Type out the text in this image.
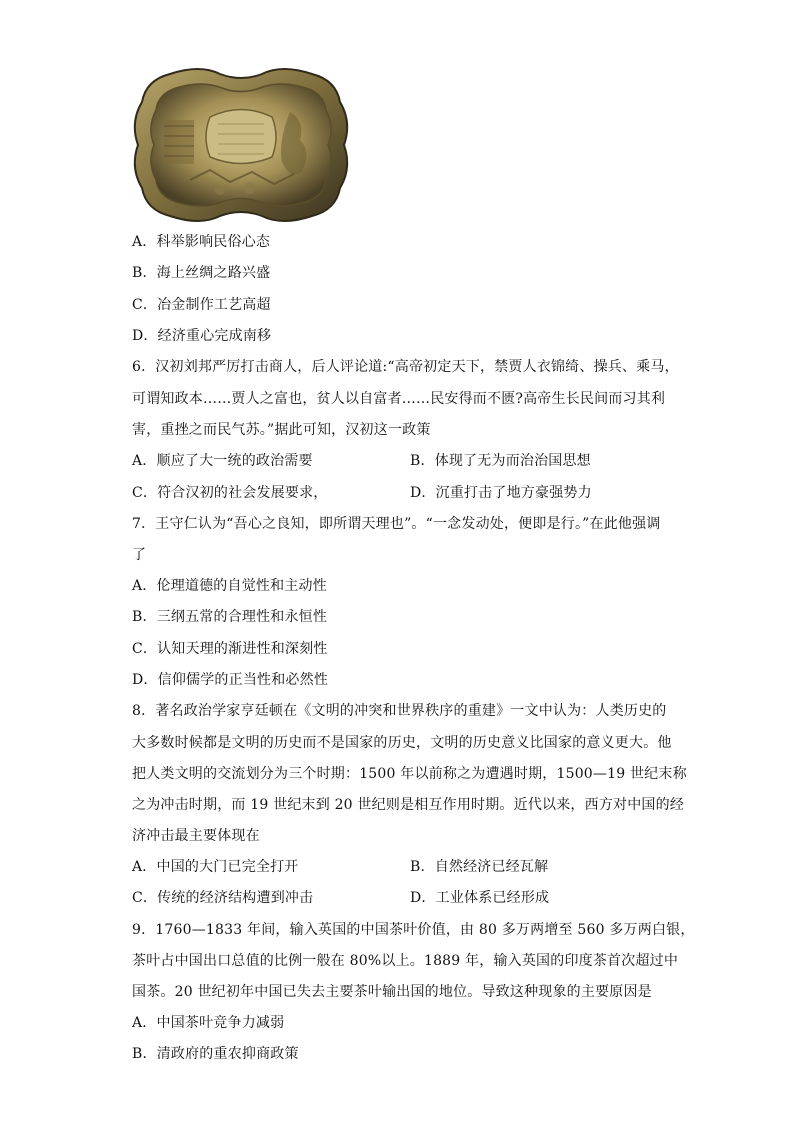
A．科举影响民俗心态
B．海上丝绸之路兴盛
C．冶金制作工艺高超
D．经济重心完成南移
6．汉初刘邦严厉打击商人，后人评论道:“高帝初定天下，禁贾人衣锦绮、操兵、乘马，
可谓知政本……贾人之富也，贫人以自富者……民安得而不匮?高帝生长民间而习其利
害，重挫之而民气苏。”据此可知，汉初这一政策
A．顺应了大一统的政治需要	B．体现了无为而治治国思想
C．符合汉初的社会发展要求，	D．沉重打击了地方豪强势力
7．王守仁认为“吾心之良知，即所谓天理也”。“一念发动处，便即是行。”在此他强调
了
A．伦理道德的自觉性和主动性
B．三纲五常的合理性和永恒性
C．认知天理的渐进性和深刻性
D．信仰儒学的正当性和必然性
8．著名政治学家亨廷顿在《文明的冲突和世界秩序的重建》一文中认为：人类历史的
大多数时候都是文明的历史而不是国家的历史，文明的历史意义比国家的意义更大。他
把人类文明的交流划分为三个时期：1500 年以前称之为遭遇时期，1500—19 世纪末称
之为冲击时期，而 19 世纪末到 20 世纪则是相互作用时期。近代以来，西方对中国的经
济冲击最主要体现在
A．中国的大门已完全打开	B．自然经济已经瓦解
C．传统的经济结构遭到冲击	D．工业体系已经形成
9．1760—1833 年间，输入英国的中国茶叶价值，由 80 多万两增至 560 多万两白银，
茶叶占中国出口总值的比例一般在 80%以上。1889 年，输入英国的印度茶首次超过中
国茶。20 世纪初年中国已失去主要茶叶输出国的地位。导致这种现象的主要原因是
A．中国茶叶竞争力减弱
B．清政府的重农抑商政策
